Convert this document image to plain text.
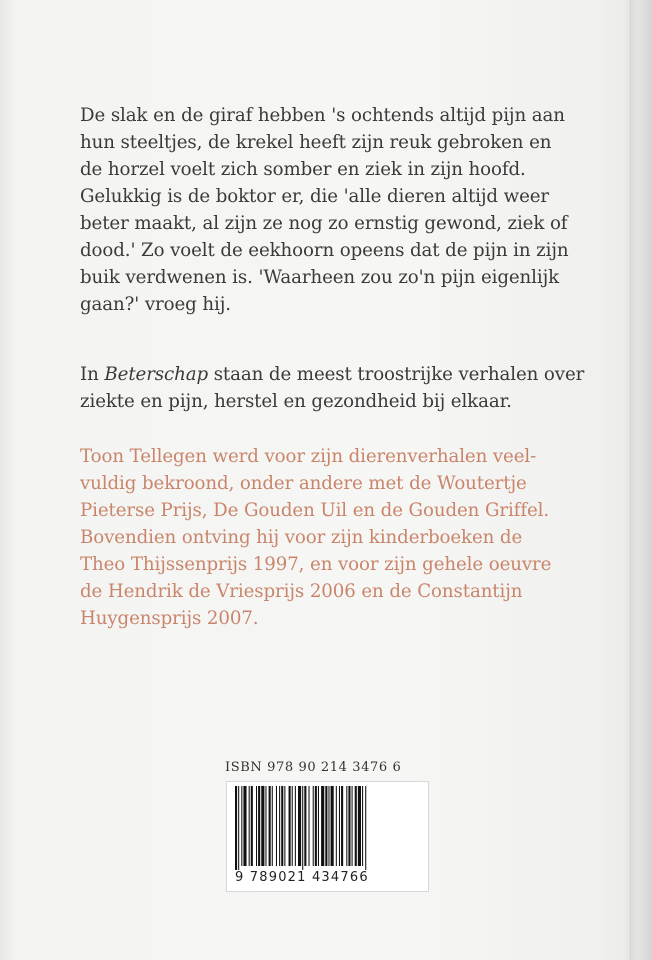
De slak en de giraf hebben 's ochtends altijd pijn aan
hun steeltjes, de krekel heeft zijn reuk gebroken en
de horzel voelt zich somber en ziek in zijn hoofd.
Gelukkig is de boktor er, die 'alle dieren altijd weer
beter maakt, al zijn ze nog zo ernstig gewond, ziek of
dood.' Zo voelt de eekhoorn opeens dat de pijn in zijn
buik verdwenen is. 'Waarheen zou zo'n pijn eigenlijk
gaan?' vroeg hij.

In Beterschap staan de meest troostrijke verhalen over
ziekte en pijn, herstel en gezondheid bij elkaar.

Toon Tellegen werd voor zijn dierenverhalen veel-
vuldig bekroond, onder andere met de Woutertje
Pieterse Prijs, De Gouden Uil en de Gouden Griffel.
Bovendien ontving hij voor zijn kinderboeken de
Theo Thijssenprijs 1997, en voor zijn gehele oeuvre
de Hendrik de Vriesprijs 2006 en de Constantijn
Huygensprijs 2007.

ISBN 978 90 214 3476 6
9 789021 434766
